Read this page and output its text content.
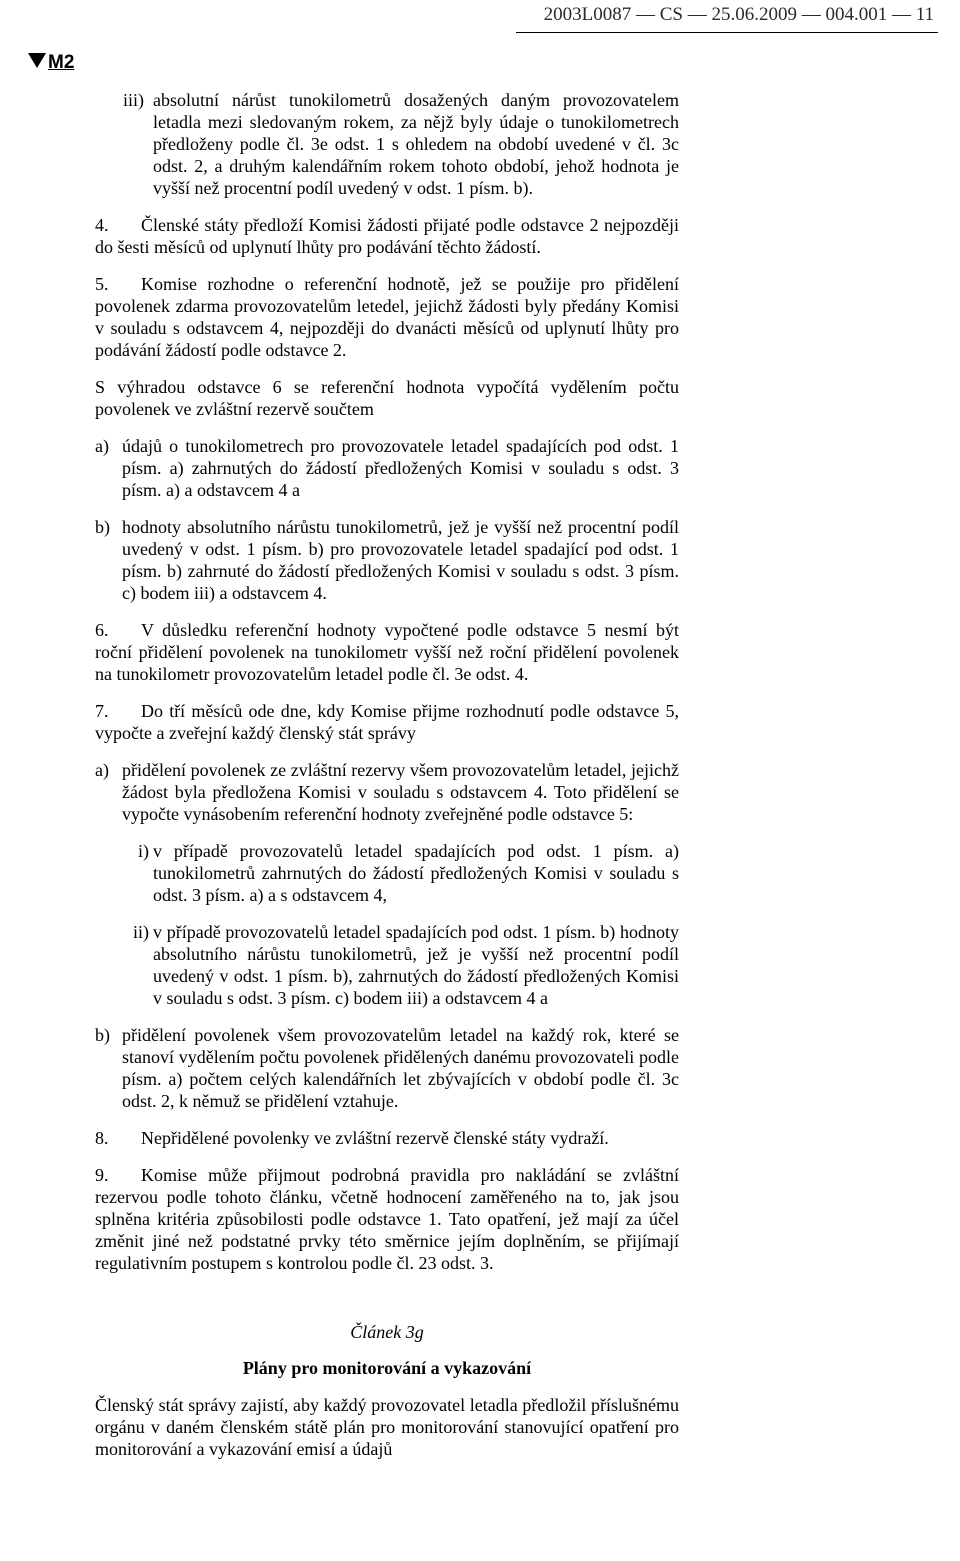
2003L0087 — CS — 25.06.2009 — 004.001 — 11
M2
iii) absolutní nárůst tunokilometrů dosažených daným provozovatelem letadla mezi sledovaným rokem, za nějž byly údaje o tunokilometrech předloženy podle čl. 3e odst. 1 s ohledem na období uvedené v čl. 3c odst. 2, a druhým kalendářním rokem tohoto období, jehož hodnota je vyšší než procentní podíl uvedený v odst. 1 písm. b).
4. Členské státy předloží Komisi žádosti přijaté podle odstavce 2 nejpozději do šesti měsíců od uplynutí lhůty pro podávání těchto žádostí.
5. Komise rozhodne o referenční hodnotě, jež se použije pro přidělení povolenek zdarma provozovatelům letedel, jejichž žádosti byly předány Komisi v souladu s odstavcem 4, nejpozději do dvanácti měsíců od uplynutí lhůty pro podávání žádostí podle odstavce 2.
S výhradou odstavce 6 se referenční hodnota vypočítá vydělením počtu povolenek ve zvláštní rezervě součtem
a) údajů o tunokilometrech pro provozovatele letadel spadajících pod odst. 1 písm. a) zahrnutých do žádostí předložených Komisi v souladu s odst. 3 písm. a) a odstavcem 4 a
b) hodnoty absolutního nárůstu tunokilometrů, jež je vyšší než procentní podíl uvedený v odst. 1 písm. b) pro provozovatele letadel spadající pod odst. 1 písm. b) zahrnuté do žádostí předložených Komisi v souladu s odst. 3 písm. c) bodem iii) a odstavcem 4.
6. V důsledku referenční hodnoty vypočtené podle odstavce 5 nesmí být roční přidělení povolenek na tunokilometr vyšší než roční přidělení povolenek na tunokilometr provozovatelům letadel podle čl. 3e odst. 4.
7. Do tří měsíců ode dne, kdy Komise přijme rozhodnutí podle odstavce 5, vypočte a zveřejní každý členský stát správy
a) přidělení povolenek ze zvláštní rezervy všem provozovatelům letadel, jejichž žádost byla předložena Komisi v souladu s odstavcem 4. Toto přidělení se vypočte vynásobením referenční hodnoty zveřejněné podle odstavce 5:
i) v případě provozovatelů letadel spadajících pod odst. 1 písm. a) tunokilometrů zahrnutých do žádostí předložených Komisi v souladu s odst. 3 písm. a) a s odstavcem 4,
ii) v případě provozovatelů letadel spadajících pod odst. 1 písm. b) hodnoty absolutního nárůstu tunokilometrů, jež je vyšší než procentní podíl uvedený v odst. 1 písm. b), zahrnutých do žádostí předložených Komisi v souladu s odst. 3 písm. c) bodem iii) a odstavcem 4 a
b) přidělení povolenek všem provozovatelům letadel na každý rok, které se stanoví vydělením počtu povolenek přidělených danému provozovateli podle písm. a) počtem celých kalendářních let zbývajících v období podle čl. 3c odst. 2, k němuž se přidělení vztahuje.
8. Nepřidělené povolenky ve zvláštní rezervě členské státy vydraží.
9. Komise může přijmout podrobná pravidla pro nakládání se zvláštní rezervou podle tohoto článku, včetně hodnocení zaměřeného na to, jak jsou splněna kritéria způsobilosti podle odstavce 1. Tato opatření, jež mají za účel změnit jiné než podstatné prvky této směrnice jejím doplněním, se přijímají regulativním postupem s kontrolou podle čl. 23 odst. 3.
Článek 3g
Plány pro monitorování a vykazování
Členský stát správy zajistí, aby každý provozovatel letadla předložil příslušnému orgánu v daném členském státě plán pro monitorování stanovující opatření pro monitorování a vykazování emisí a údajů
